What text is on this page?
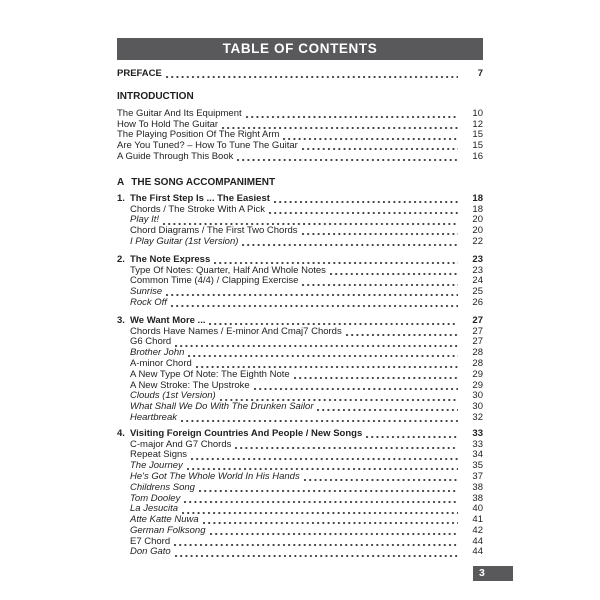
TABLE OF CONTENTS
PREFACE	7
INTRODUCTION
The Guitar And Its Equipment	10
How To Hold The Guitar	12
The Playing Position Of The Right Arm	15
Are You Tuned? – How To Tune The Guitar	15
A Guide Through This Book	16
A THE SONG ACCOMPANIMENT
1. The First Step Is ... The Easiest	18
Chords / The Stroke With A Pick	18
Play It!	20
Chord Diagrams / The First Two Chords	20
I Play Guitar (1st Version)	22
2. The Note Express	23
Type Of Notes: Quarter, Half And Whole Notes	23
Common Time (4/4) / Clapping Exercise	24
Sunrise	25
Rock Off	26
3. We Want More ...	27
Chords Have Names / E-minor And Cmaj7 Chords	27
G6 Chord	27
Brother John	28
A-minor Chord	28
A New Type Of Note: The Eighth Note	29
A New Stroke: The Upstroke	29
Clouds (1st Version)	30
What Shall We Do With The Drunken Sailor	30
Heartbreak	32
4. Visiting Foreign Countries And People / New Songs	33
C-major And G7 Chords	33
Repeat Signs	34
The Journey	35
He's Got The Whole World In His Hands	37
Childrens Song	38
Tom Dooley	38
La Jesucita	40
Atte Katte Nuwa	41
German Folksong	42
E7 Chord	44
Don Gato	44
3
